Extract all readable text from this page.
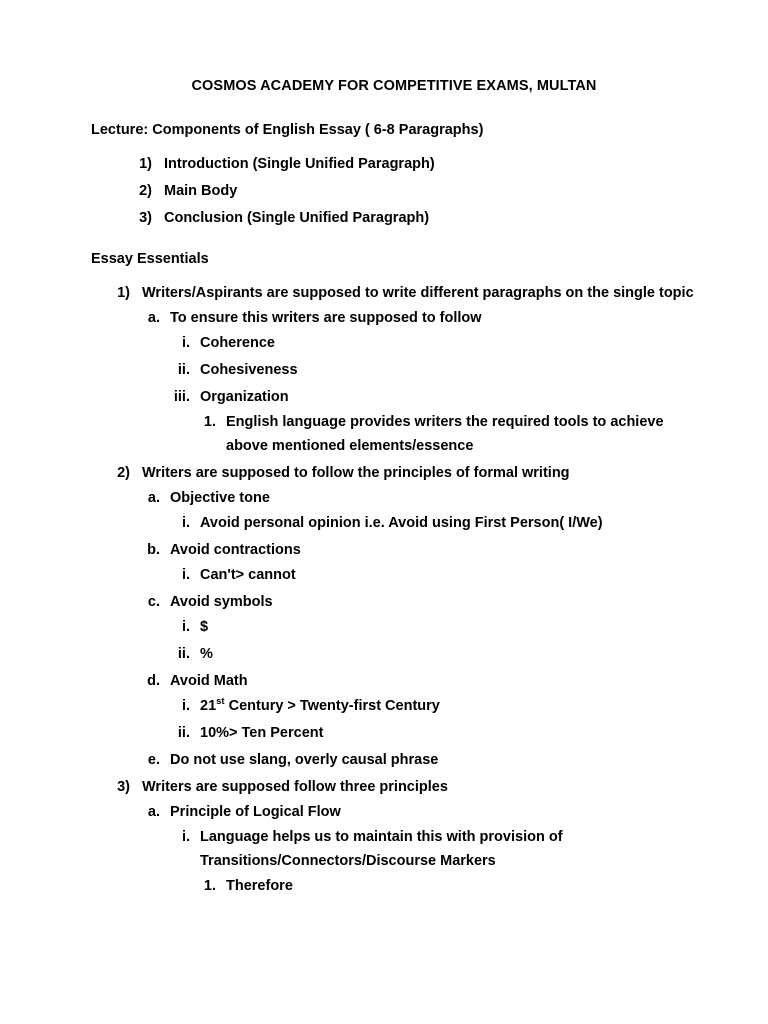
COSMOS ACADEMY FOR COMPETITIVE EXAMS, MULTAN
Lecture: Components of English Essay ( 6-8 Paragraphs)
1) Introduction (Single Unified Paragraph)
2) Main Body
3) Conclusion (Single Unified Paragraph)
Essay Essentials
1) Writers/Aspirants are supposed to write different paragraphs on the single topic
a. To ensure this writers are supposed to follow
i. Coherence
ii. Cohesiveness
iii. Organization
1. English language provides writers the required tools to achieve above mentioned elements/essence
2) Writers are supposed to follow the principles of formal writing
a. Objective tone
i. Avoid personal opinion i.e. Avoid using First Person( I/We)
b. Avoid contractions
i. Can't> cannot
c. Avoid symbols
i. $
ii. %
d. Avoid Math
i. 21st Century > Twenty-first Century
ii. 10%> Ten Percent
e. Do not use slang, overly causal phrase
3) Writers are supposed follow three principles
a. Principle of Logical Flow
i. Language helps us to maintain this with provision of Transitions/Connectors/Discourse Markers
1. Therefore
